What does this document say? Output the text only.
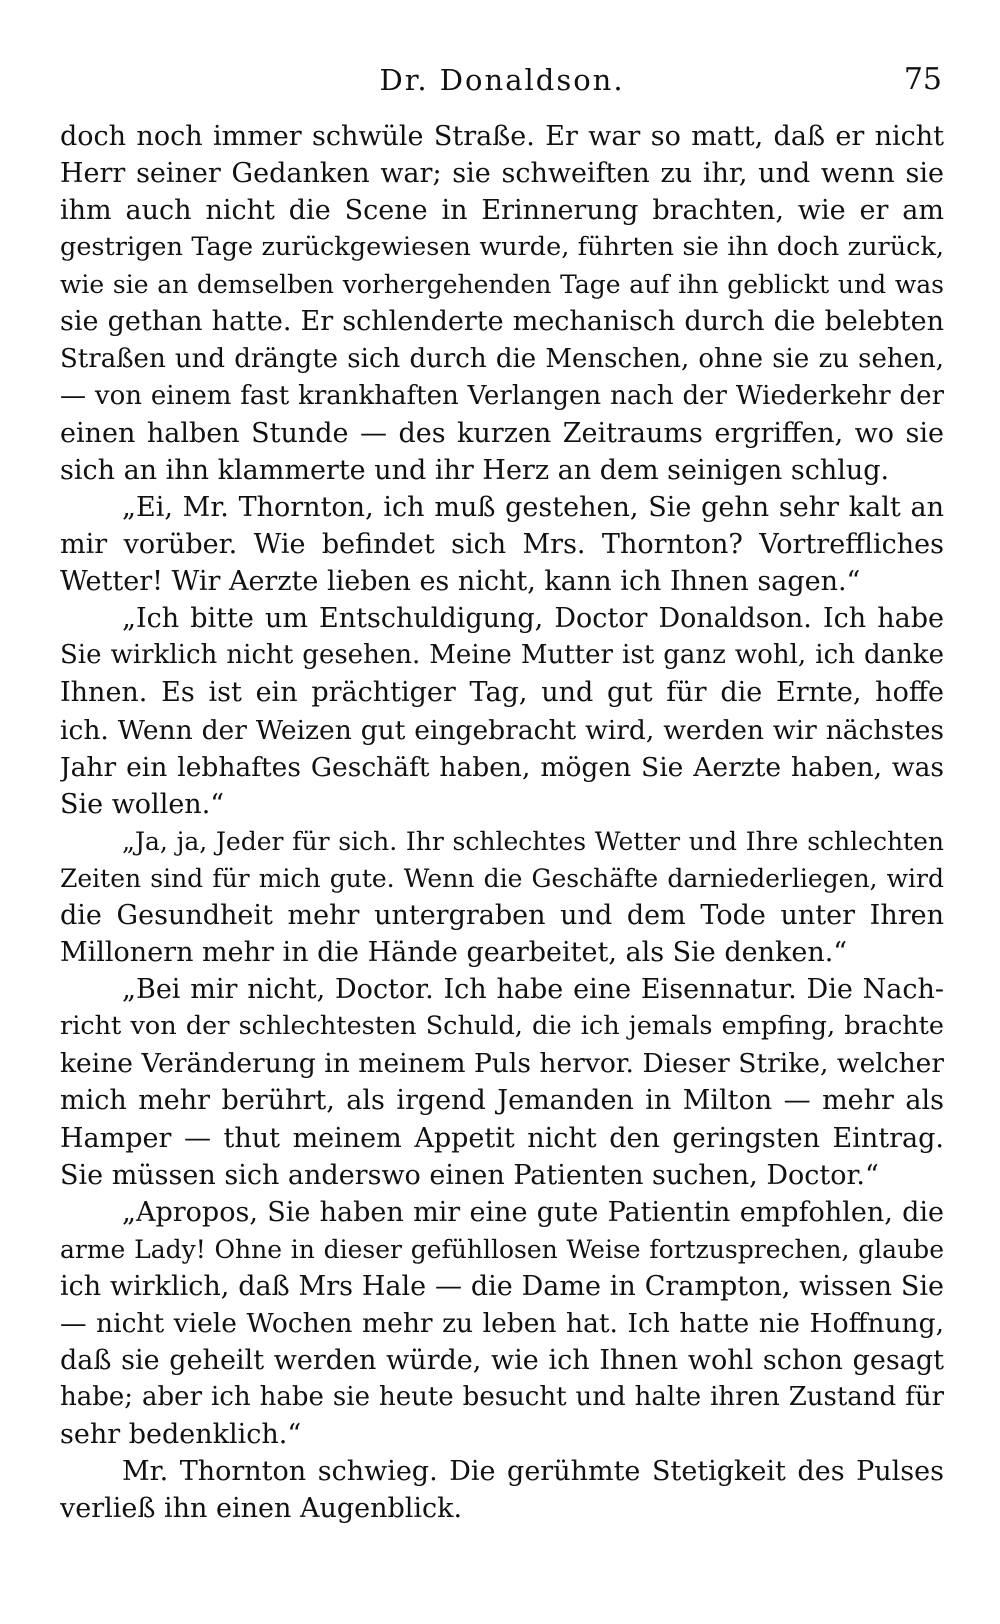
Dr. Donaldson.	75
doch noch immer schwüle Straße. Er war so matt, daß er nicht
Herr seiner Gedanken war; sie schweiften zu ihr, und wenn sie
ihm auch nicht die Scene in Erinnerung brachten, wie er am
gestrigen Tage zurückgewiesen wurde, führten sie ihn doch zurück,
wie sie an demselben vorhergehenden Tage auf ihn geblickt und was
sie gethan hatte. Er schlenderte mechanisch durch die belebten
Straßen und drängte sich durch die Menschen, ohne sie zu sehen,
— von einem fast krankhaften Verlangen nach der Wiederkehr der
einen halben Stunde — des kurzen Zeitraums ergriffen, wo sie
sich an ihn klammerte und ihr Herz an dem seinigen schlug.
„Ei, Mr. Thornton, ich muß gestehen, Sie gehn sehr kalt an
mir vorüber. Wie befindet sich Mrs. Thornton? Vortreffliches
Wetter! Wir Aerzte lieben es nicht, kann ich Ihnen sagen.“
„Ich bitte um Entschuldigung, Doctor Donaldson. Ich habe
Sie wirklich nicht gesehen. Meine Mutter ist ganz wohl, ich danke
Ihnen. Es ist ein prächtiger Tag, und gut für die Ernte, hoffe
ich. Wenn der Weizen gut eingebracht wird, werden wir nächstes
Jahr ein lebhaftes Geschäft haben, mögen Sie Aerzte haben, was
Sie wollen.“
„Ja, ja, Jeder für sich. Ihr schlechtes Wetter und Ihre schlechten
Zeiten sind für mich gute. Wenn die Geschäfte darniederliegen, wird
die Gesundheit mehr untergraben und dem Tode unter Ihren
Millonern mehr in die Hände gearbeitet, als Sie denken.“
„Bei mir nicht, Doctor. Ich habe eine Eisennatur. Die Nach-
richt von der schlechtesten Schuld, die ich jemals empfing, brachte
keine Veränderung in meinem Puls hervor. Dieser Strike, welcher
mich mehr berührt, als irgend Jemanden in Milton — mehr als
Hamper — thut meinem Appetit nicht den geringsten Eintrag.
Sie müssen sich anderswo einen Patienten suchen, Doctor.“
„Apropos, Sie haben mir eine gute Patientin empfohlen, die
arme Lady! Ohne in dieser gefühllosen Weise fortzusprechen, glaube
ich wirklich, daß Mrs Hale — die Dame in Crampton, wissen Sie
— nicht viele Wochen mehr zu leben hat. Ich hatte nie Hoffnung,
daß sie geheilt werden würde, wie ich Ihnen wohl schon gesagt
habe; aber ich habe sie heute besucht und halte ihren Zustand für
sehr bedenklich.“
Mr. Thornton schwieg. Die gerühmte Stetigkeit des Pulses
verließ ihn einen Augenblick.
